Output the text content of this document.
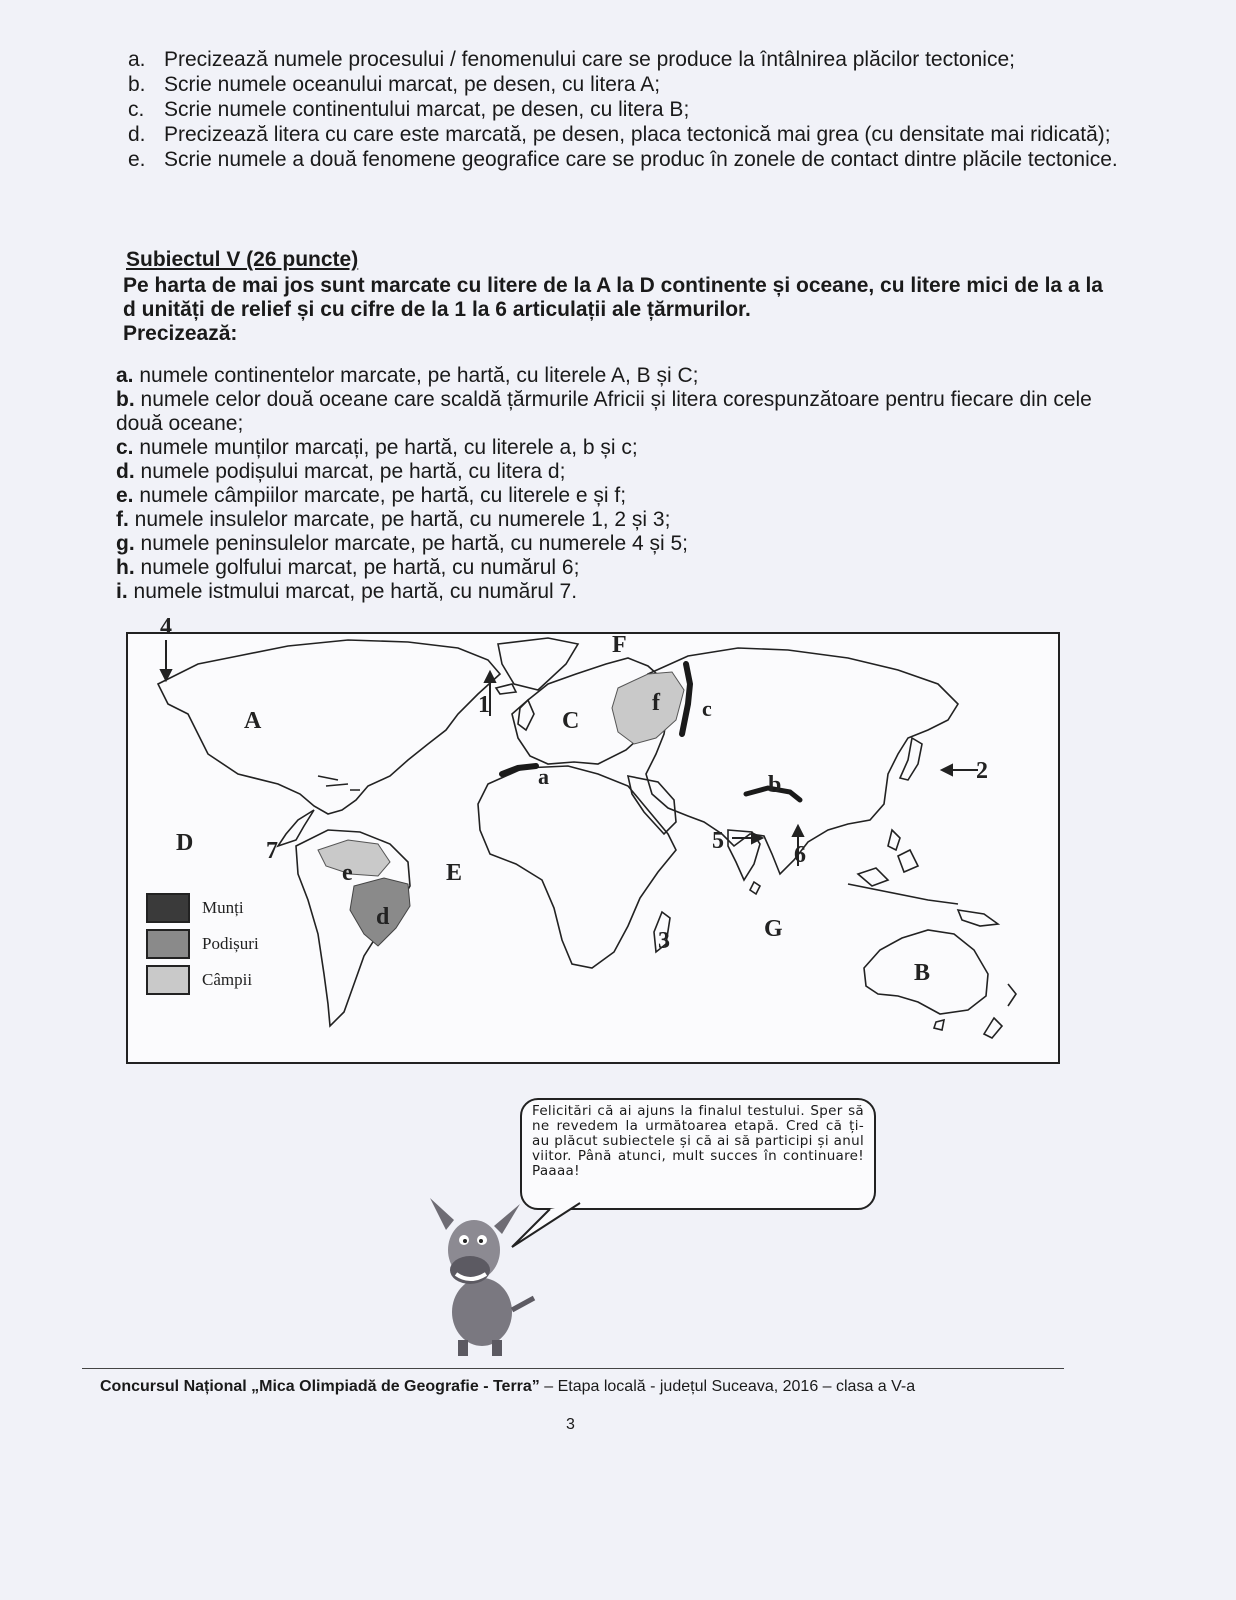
a. Precizează numele procesului / fenomenului care se produce la întâlnirea plăcilor tectonice;
b. Scrie numele oceanului marcat, pe desen, cu litera A;
c. Scrie numele continentului marcat, pe desen, cu litera B;
d. Precizează litera cu care este marcată, pe desen, placa tectonică mai grea (cu densitate mai ridicată);
e. Scrie numele a două fenomene geografice care se produc în zonele de contact dintre plăcile tectonice.
Subiectul V (26 puncte)
Pe harta de mai jos sunt marcate cu litere de la A la D continente și oceane, cu litere mici de la a la d unități de relief și cu cifre de la 1 la 6 articulații ale țărmurilor.
Precizează:
a. numele continentelor marcate, pe hartă, cu literele A, B și C;
b. numele celor două oceane care scaldă țărmurile Africii și litera corespunzătoare pentru fiecare din cele două oceane;
c. numele munților marcați, pe hartă, cu literele a, b și c;
d. numele podișului marcat, pe hartă, cu litera d;
e. numele câmpiilor marcate, pe hartă, cu literele e și f;
f. numele insulelor marcate, pe hartă, cu numerele 1, 2 și 3;
g. numele peninsulelor marcate, pe hartă, cu numerele 4 și 5;
h. numele golfului marcat, pe hartă, cu numărul 6;
i. numele istmului marcat, pe hartă, cu numărul 7.
A
B
C
D
E
F
G
a	b
c
d
e
f
1
2
3
4
5
6
7
Munți
Podișuri
Câmpii
Felicitări că ai ajuns la finalul testului. Sper să ne revedem la următoarea etapă. Cred că ți-au plăcut subiectele și că ai să participi și anul viitor. Până atunci, mult succes în continuare! Paaaa!
Concursul Național „Mica Olimpiadă de Geografie - Terra” – Etapa locală - județul Suceava, 2016 – clasa a V-a
3
